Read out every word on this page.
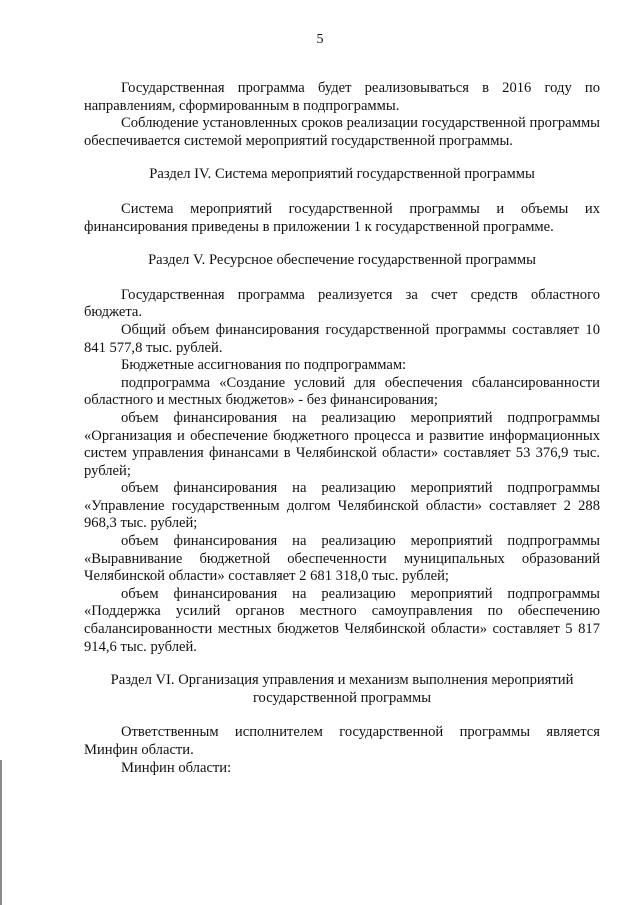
5

Государственная программа будет реализовываться в 2016 году по направлениям, сформированным в подпрограммы.

Соблюдение установленных сроков реализации государственной программы обеспечивается системой мероприятий государственной программы.

Раздел IV. Система мероприятий государственной программы

Система мероприятий государственной программы и объемы их финансирования приведены в приложении 1 к государственной программе.

Раздел V. Ресурсное обеспечение государственной программы

Государственная программа реализуется за счет средств областного бюджета.

Общий объем финансирования государственной программы составляет 10 841 577,8 тыс. рублей.

Бюджетные ассигнования по подпрограммам:

подпрограмма «Создание условий для обеспечения сбалансированности областного и местных бюджетов» - без финансирования;

объем финансирования на реализацию мероприятий подпрограммы «Организация и обеспечение бюджетного процесса и развитие информационных систем управления финансами в Челябинской области» составляет 53 376,9 тыс. рублей;

объем финансирования на реализацию мероприятий подпрограммы «Управление государственным долгом Челябинской области» составляет 2 288 968,3 тыс. рублей;

объем финансирования на реализацию мероприятий подпрограммы «Выравнивание бюджетной обеспеченности муниципальных образований Челябинской области» составляет 2 681 318,0 тыс. рублей;

объем финансирования на реализацию мероприятий подпрограммы «Поддержка усилий органов местного самоуправления по обеспечению сбалансированности местных бюджетов Челябинской области» составляет 5 817 914,6 тыс. рублей.

Раздел VI. Организация управления и механизм выполнения мероприятий
государственной программы

Ответственным исполнителем государственной программы является Минфин области.

Минфин области:
